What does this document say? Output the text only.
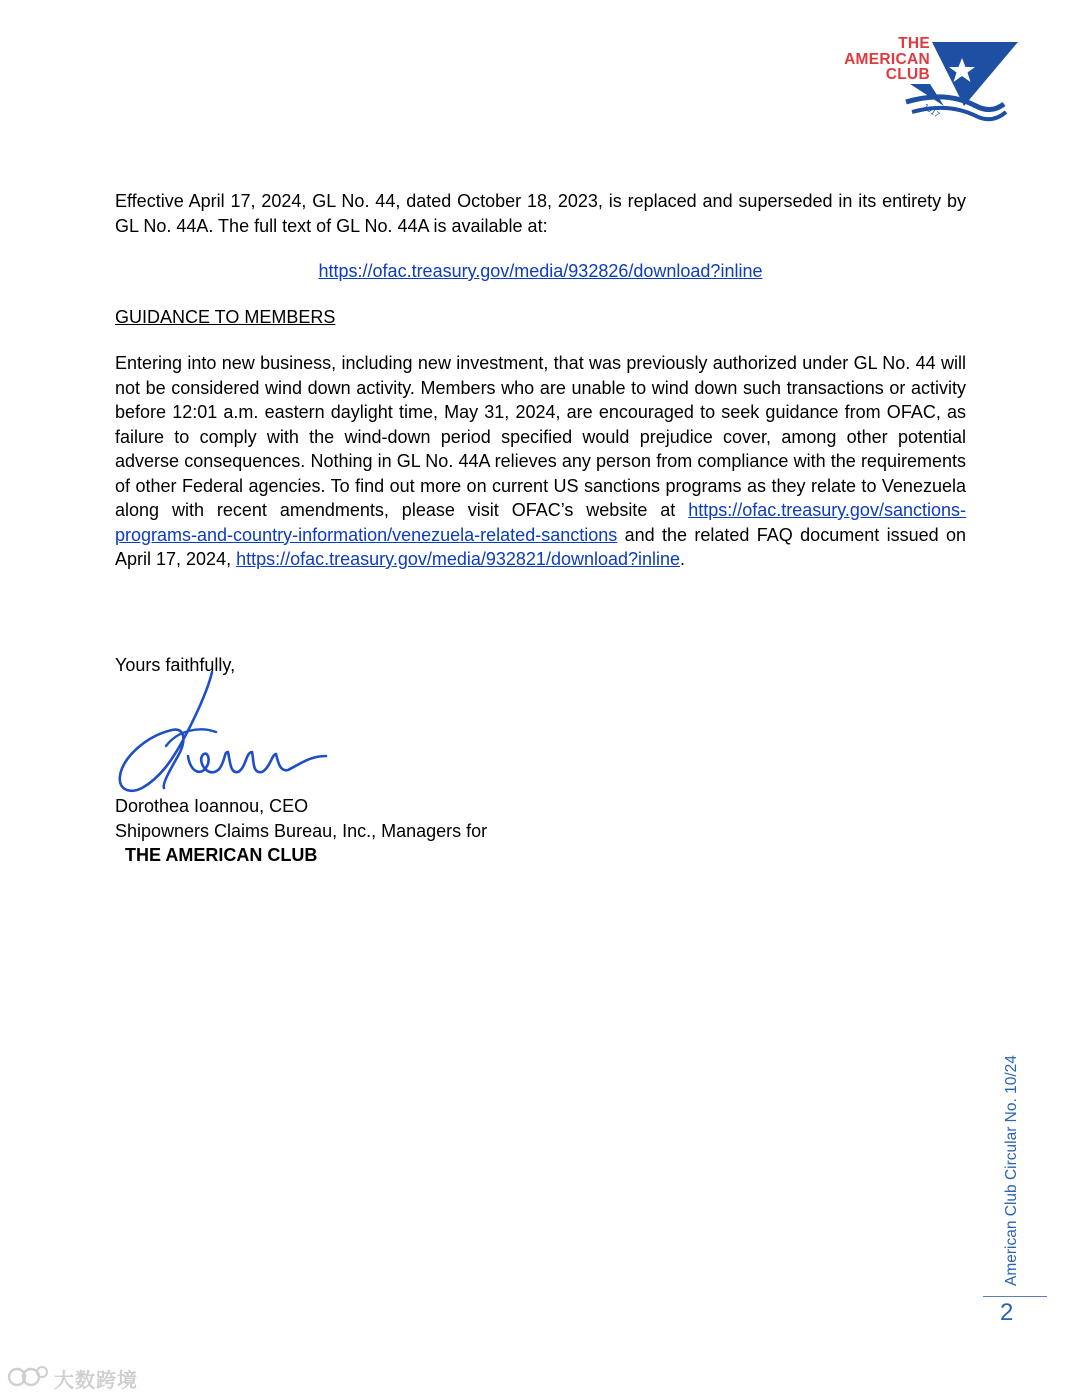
THE
AMERICAN
CLUB
1917

Effective April 17, 2024, GL No. 44, dated October 18, 2023, is replaced and superseded in its entirety by GL No. 44A. The full text of GL No. 44A is available at:

https://ofac.treasury.gov/media/932826/download?inline
GUIDANCE TO MEMBERS

Entering into new business, including new investment, that was previously authorized under GL No. 44 will not be considered wind down activity. Members who are unable to wind down such transactions or activity before 12:01 a.m. eastern daylight time, May 31, 2024, are encouraged to seek guidance from OFAC, as failure to comply with the wind-down period specified would prejudice cover, among other potential adverse consequences. Nothing in GL No. 44A relieves any person from compliance with the requirements of other Federal agencies. To find out more on current US sanctions programs as they relate to Venezuela along with recent amendments, please visit OFAC’s website at https://ofac.treasury.gov/sanctions-programs-and-country-information/venezuela-related-sanctions and the related FAQ document issued on April 17, 2024, https://ofac.treasury.gov/media/932821/download?inline.

Yours faithfully,
Dorothea Ioannou, CEO
Shipowners Claims Bureau, Inc., Managers for
THE AMERICAN CLUB
American Club Circular No. 10/24
2
大数跨境
